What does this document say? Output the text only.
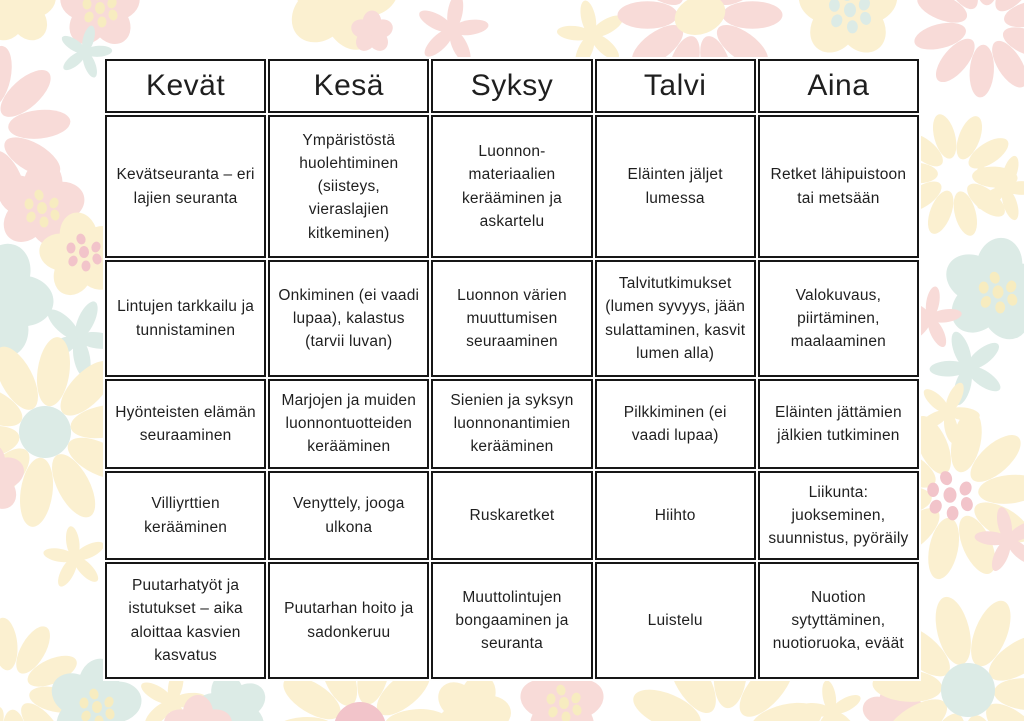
Kevät	Kesä	Syksy	Talvi	Aina
Kevätseuranta – eri lajien seuranta	Ympäristöstä huolehtiminen (siisteys, vieraslajien kitkeminen)	Luonnon-materiaalien kerääminen ja askartelu	Eläinten jäljet lumessa	Retket lähipuistoon tai metsään
Lintujen tarkkailu ja tunnistaminen	Onkiminen (ei vaadi lupaa), kalastus (tarvii luvan)	Luonnon värien muuttumisen seuraaminen	Talvitutkimukset (lumen syvyys, jään sulattaminen, kasvit lumen alla)	Valokuvaus, piirtäminen, maalaaminen
Hyönteisten elämän seuraaminen	Marjojen ja muiden luonnontuotteiden kerääminen	Sienien ja syksyn luonnonantimien kerääminen	Pilkkiminen (ei vaadi lupaa)	Eläinten jättämien jälkien tutkiminen
Villiyrttien kerääminen	Venyttely, jooga ulkona	Ruskaretket	Hiihto	Liikunta: juokseminen, suunnistus, pyöräily
Puutarhatyöt ja istutukset – aika aloittaa kasvien kasvatus	Puutarhan hoito ja sadonkeruu	Muuttolintujen bongaaminen ja seuranta	Luistelu	Nuotion sytyttäminen, nuotioruoka, eväät
